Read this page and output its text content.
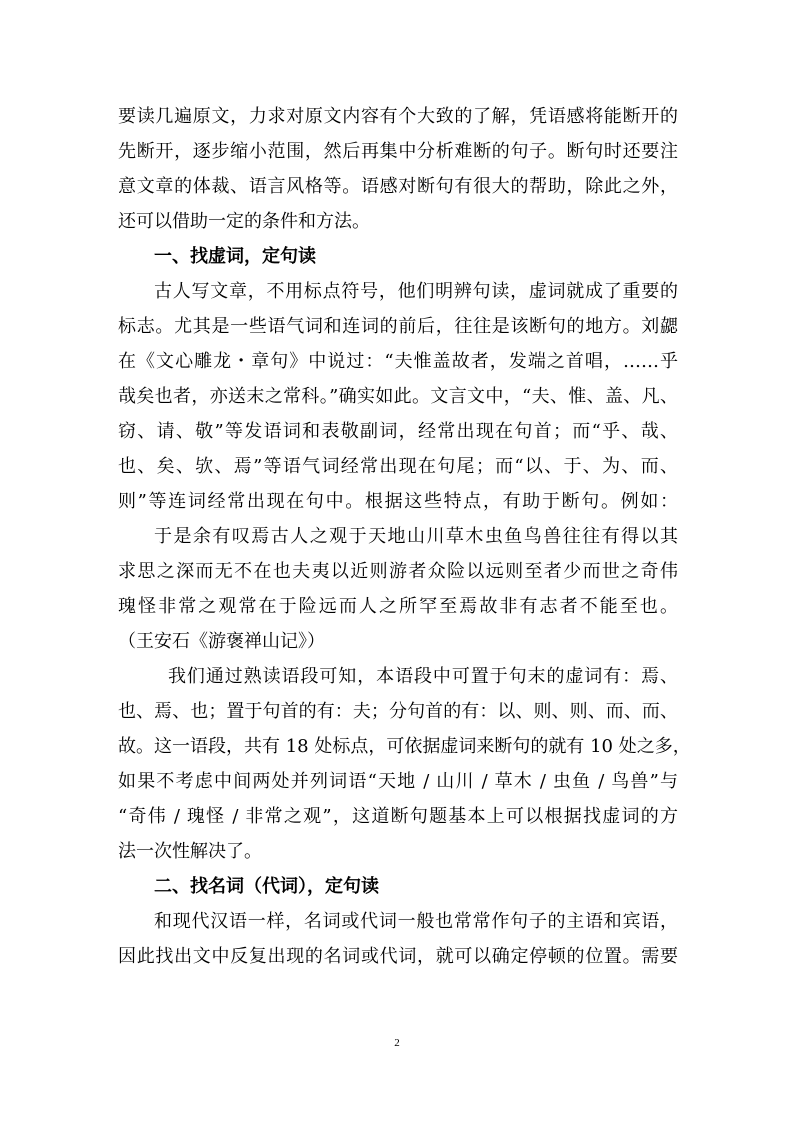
要读几遍原文，力求对原文内容有个大致的了解，凭语感将能断开的
先断开，逐步缩小范围，然后再集中分析难断的句子。断句时还要注
意文章的体裁、语言风格等。语感对断句有很大的帮助，除此之外，
还可以借助一定的条件和方法。
一、找虚词，定句读
古人写文章，不用标点符号，他们明辨句读，虚词就成了重要的
标志。尤其是一些语气词和连词的前后，往往是该断句的地方。刘勰
在《文心雕龙・章句》中说过：“夫惟盖故者，发端之首唱，……乎
哉矣也者，亦送末之常科。”确实如此。文言文中，“夫、惟、盖、凡、
窃、请、敬”等发语词和表敬副词，经常出现在句首；而“乎、哉、
也、矣、欤、焉”等语气词经常出现在句尾；而“以、于、为、而、
则”等连词经常出现在句中。根据这些特点，有助于断句。例如：
于是余有叹焉古人之观于天地山川草木虫鱼鸟兽往往有得以其
求思之深而无不在也夫夷以近则游者众险以远则至者少而世之奇伟
瑰怪非常之观常在于险远而人之所罕至焉故非有志者不能至也。
（王安石《游褒禅山记》）
我们通过熟读语段可知，本语段中可置于句末的虚词有：焉、
也、焉、也；置于句首的有：夫；分句首的有：以、则、则、而、而、
故。这一语段，共有 18 处标点，可依据虚词来断句的就有 10 处之多，
如果不考虑中间两处并列词语“天地 / 山川 / 草木 / 虫鱼 / 鸟兽”与
“奇伟 / 瑰怪 / 非常之观”，这道断句题基本上可以根据找虚词的方
法一次性解决了。
二、找名词（代词），定句读
和现代汉语一样，名词或代词一般也常常作句子的主语和宾语，
因此找出文中反复出现的名词或代词，就可以确定停顿的位置。需要
2
